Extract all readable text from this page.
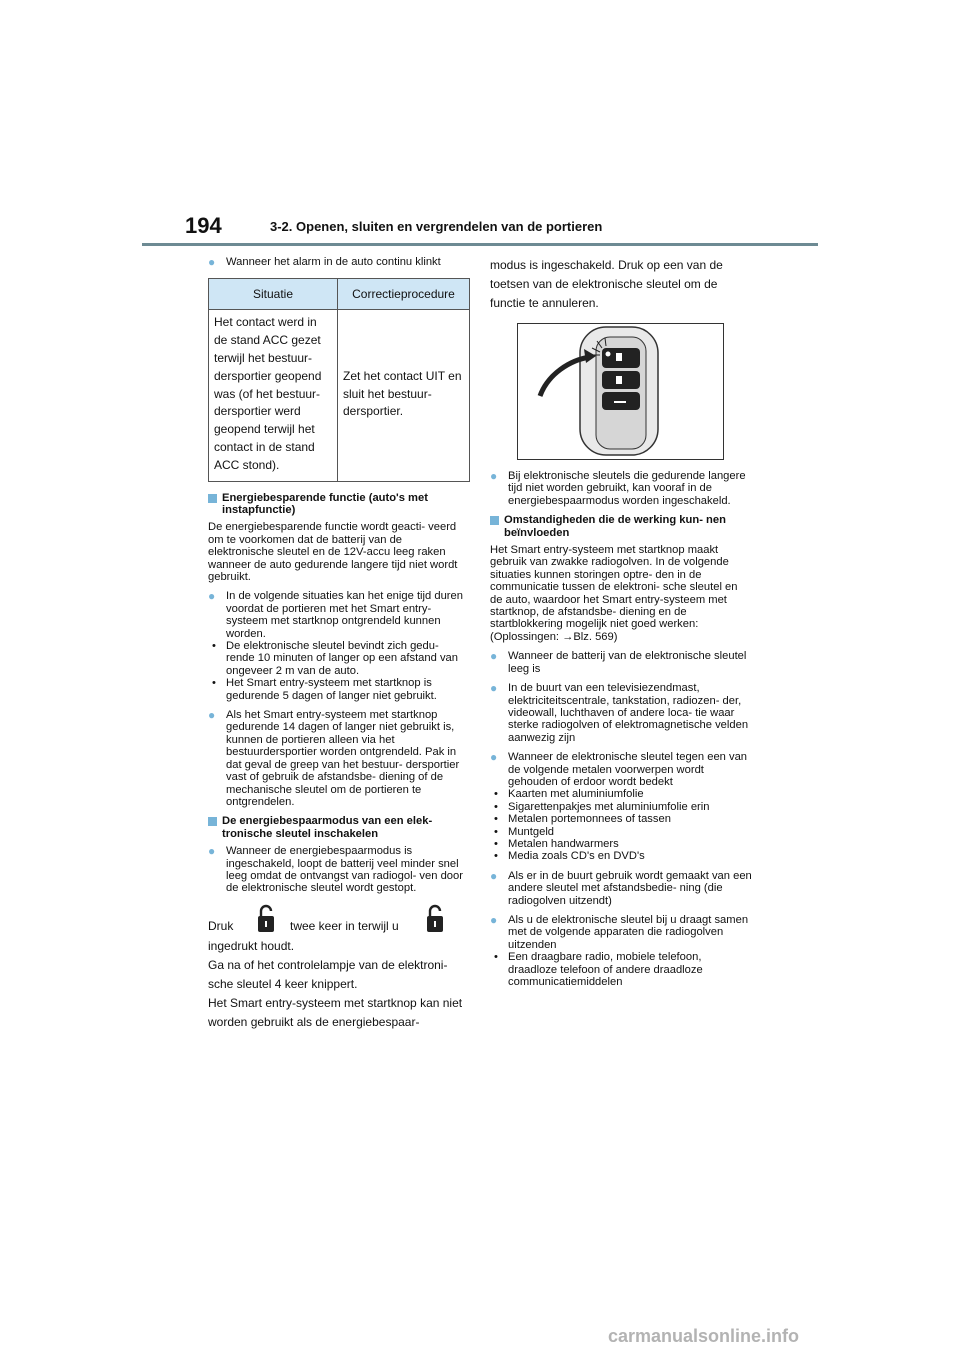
194	3-2. Openen, sluiten en vergrendelen van de portieren
● Wanneer het alarm in de auto continu klinkt
Situatie	Correctieprocedure
Het contact werd in de stand ACC gezet terwijl het bestuur- dersportier geopend was (of het bestuur- dersportier werd geopend terwijl het contact in de stand ACC stond).	Zet het contact UIT en sluit het bestuur- dersportier.
Energiebesparende functie (auto's met instapfunctie)

De energiebesparende functie wordt geacti- veerd om te voorkomen dat de batterij van de elektronische sleutel en de 12V-accu leeg raken wanneer de auto gedurende langere tijd niet wordt gebruikt.

● In de volgende situaties kan het enige tijd duren voordat de portieren met het Smart entry-systeem met startknop ontgrendeld kunnen worden.
• De elektronische sleutel bevindt zich gedu- rende 10 minuten of langer op een afstand van ongeveer 2 m van de auto.
• Het Smart entry-systeem met startknop is gedurende 5 dagen of langer niet gebruikt.
● Als het Smart entry-systeem met startknop gedurende 14 dagen of langer niet gebruikt is, kunnen de portieren alleen via het bestuurdersportier worden ontgrendeld. Pak in dat geval de greep van het bestuur- dersportier vast of gebruik de afstandsbe- diening of de mechanische sleutel om de portieren te ontgrendelen.
De energiebespaarmodus van een elek- tronische sleutel inschakelen
● Wanneer de energiebespaarmodus is ingeschakeld, loopt de batterij veel minder snel leeg omdat de ontvangst van radiogol- ven door de elektronische sleutel wordt gestopt.
Druk	twee keer in terwijl u
ingedrukt houdt.
Ga na of het controlelampje van de elektroni- sche sleutel 4 keer knippert.
Het Smart entry-systeem met startknop kan niet worden gebruikt als de energiebespaar-
modus is ingeschakeld. Druk op een van de toetsen van de elektronische sleutel om de functie te annuleren.
● Bij elektronische sleutels die gedurende langere tijd niet worden gebruikt, kan vooraf in de energiebespaarmodus worden ingeschakeld.
Omstandigheden die de werking kun- nen beïnvloeden
Het Smart entry-systeem met startknop maakt gebruik van zwakke radiogolven. In de volgende situaties kunnen storingen optre- den in de communicatie tussen de elektroni- sche sleutel en de auto, waardoor het Smart entry-systeem met startknop, de afstandsbe- diening en de startblokkering mogelijk niet goed werken:

(Oplossingen: →Blz. 569)

● Wanneer de batterij van de elektronische sleutel leeg is
● In de buurt van een televisiezendmast, elektriciteitscentrale, tankstation, radiozen- der, videowall, luchthaven of andere loca- tie waar sterke radiogolven of elektromagnetische velden aanwezig zijn
● Wanneer de elektronische sleutel tegen een van de volgende metalen voorwerpen wordt gehouden of erdoor wordt bedekt
• Kaarten met aluminiumfolie
• Sigarettenpakjes met aluminiumfolie erin
• Metalen portemonnees of tassen
• Muntgeld
• Metalen handwarmers
• Media zoals CD's en DVD's
● Als er in de buurt gebruik wordt gemaakt van een andere sleutel met afstandsbedie- ning (die radiogolven uitzendt)
● Als u de elektronische sleutel bij u draagt samen met de volgende apparaten die radiogolven uitzenden
• Een draagbare radio, mobiele telefoon, draadloze telefoon of andere draadloze communicatiemiddelen
carmanualsonline.info
